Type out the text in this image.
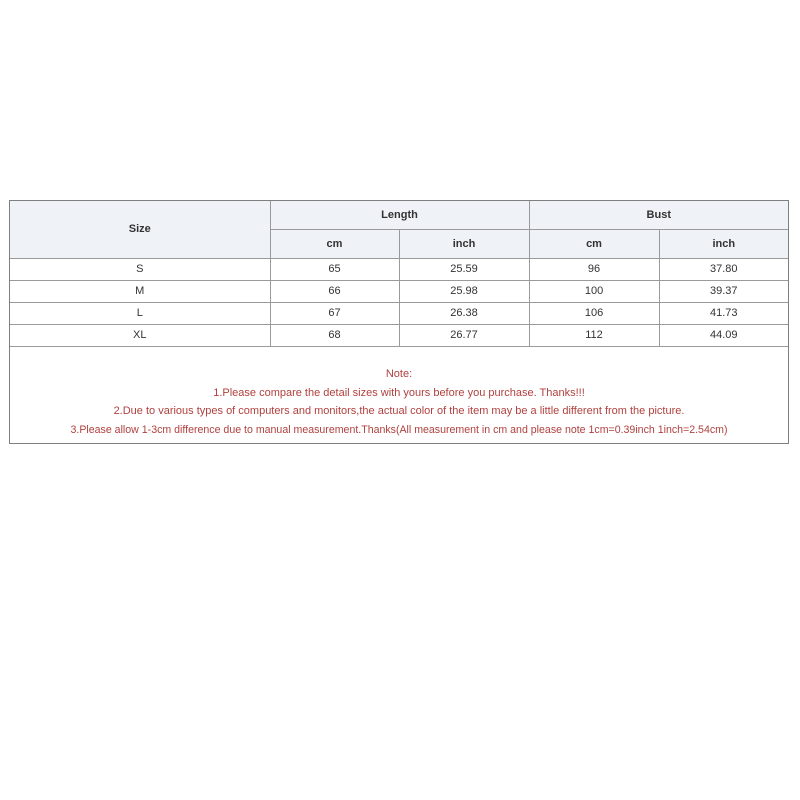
Size	Length		Bust	
	cm	inch	cm	inch
S	65	25.59	96	37.80
M	66	25.98	100	39.37
L	67	26.38	106	41.73
XL	68	26.77	112	44.09
Note:
1.Please compare the detail sizes with yours before you purchase. Thanks!!!
2.Due to various types of computers and monitors,the actual color of the item may be a little different from the picture.
3.Please allow 1-3cm difference due to manual measurement.Thanks(All measurement in cm and please note 1cm=0.39inch 1inch=2.54cm)
